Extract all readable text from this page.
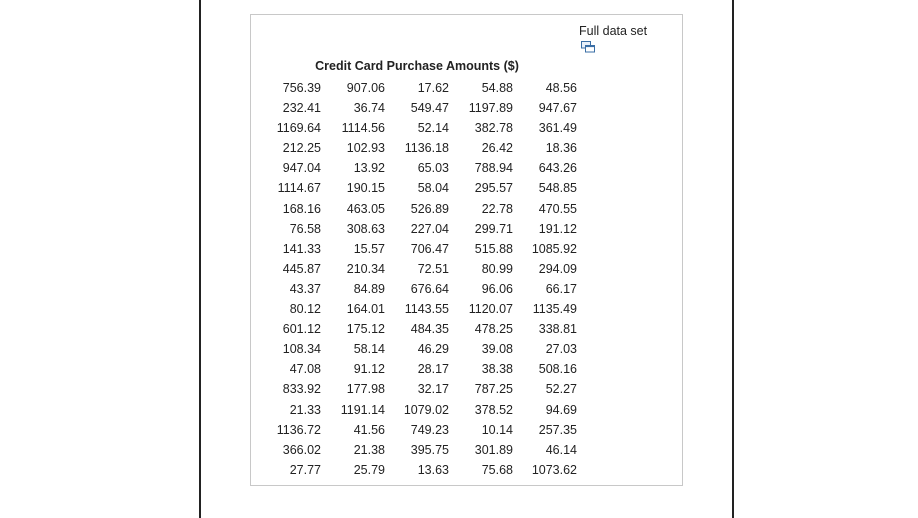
Full data set
Credit Card Purchase Amounts ($)
756.39	907.06	17.62	54.88	48.56
232.41	36.74	549.47	1197.89	947.67
1169.64	1114.56	52.14	382.78	361.49
212.25	102.93	1136.18	26.42	18.36
947.04	13.92	65.03	788.94	643.26
1114.67	190.15	58.04	295.57	548.85
168.16	463.05	526.89	22.78	470.55
76.58	308.63	227.04	299.71	191.12
141.33	15.57	706.47	515.88	1085.92
445.87	210.34	72.51	80.99	294.09
43.37	84.89	676.64	96.06	66.17
80.12	164.01	1143.55	1120.07	1135.49
601.12	175.12	484.35	478.25	338.81
108.34	58.14	46.29	39.08	27.03
47.08	91.12	28.17	38.38	508.16
833.92	177.98	32.17	787.25	52.27
21.33	1191.14	1079.02	378.52	94.69
1136.72	41.56	749.23	10.14	257.35
366.02	21.38	395.75	301.89	46.14
27.77	25.79	13.63	75.68	1073.62
